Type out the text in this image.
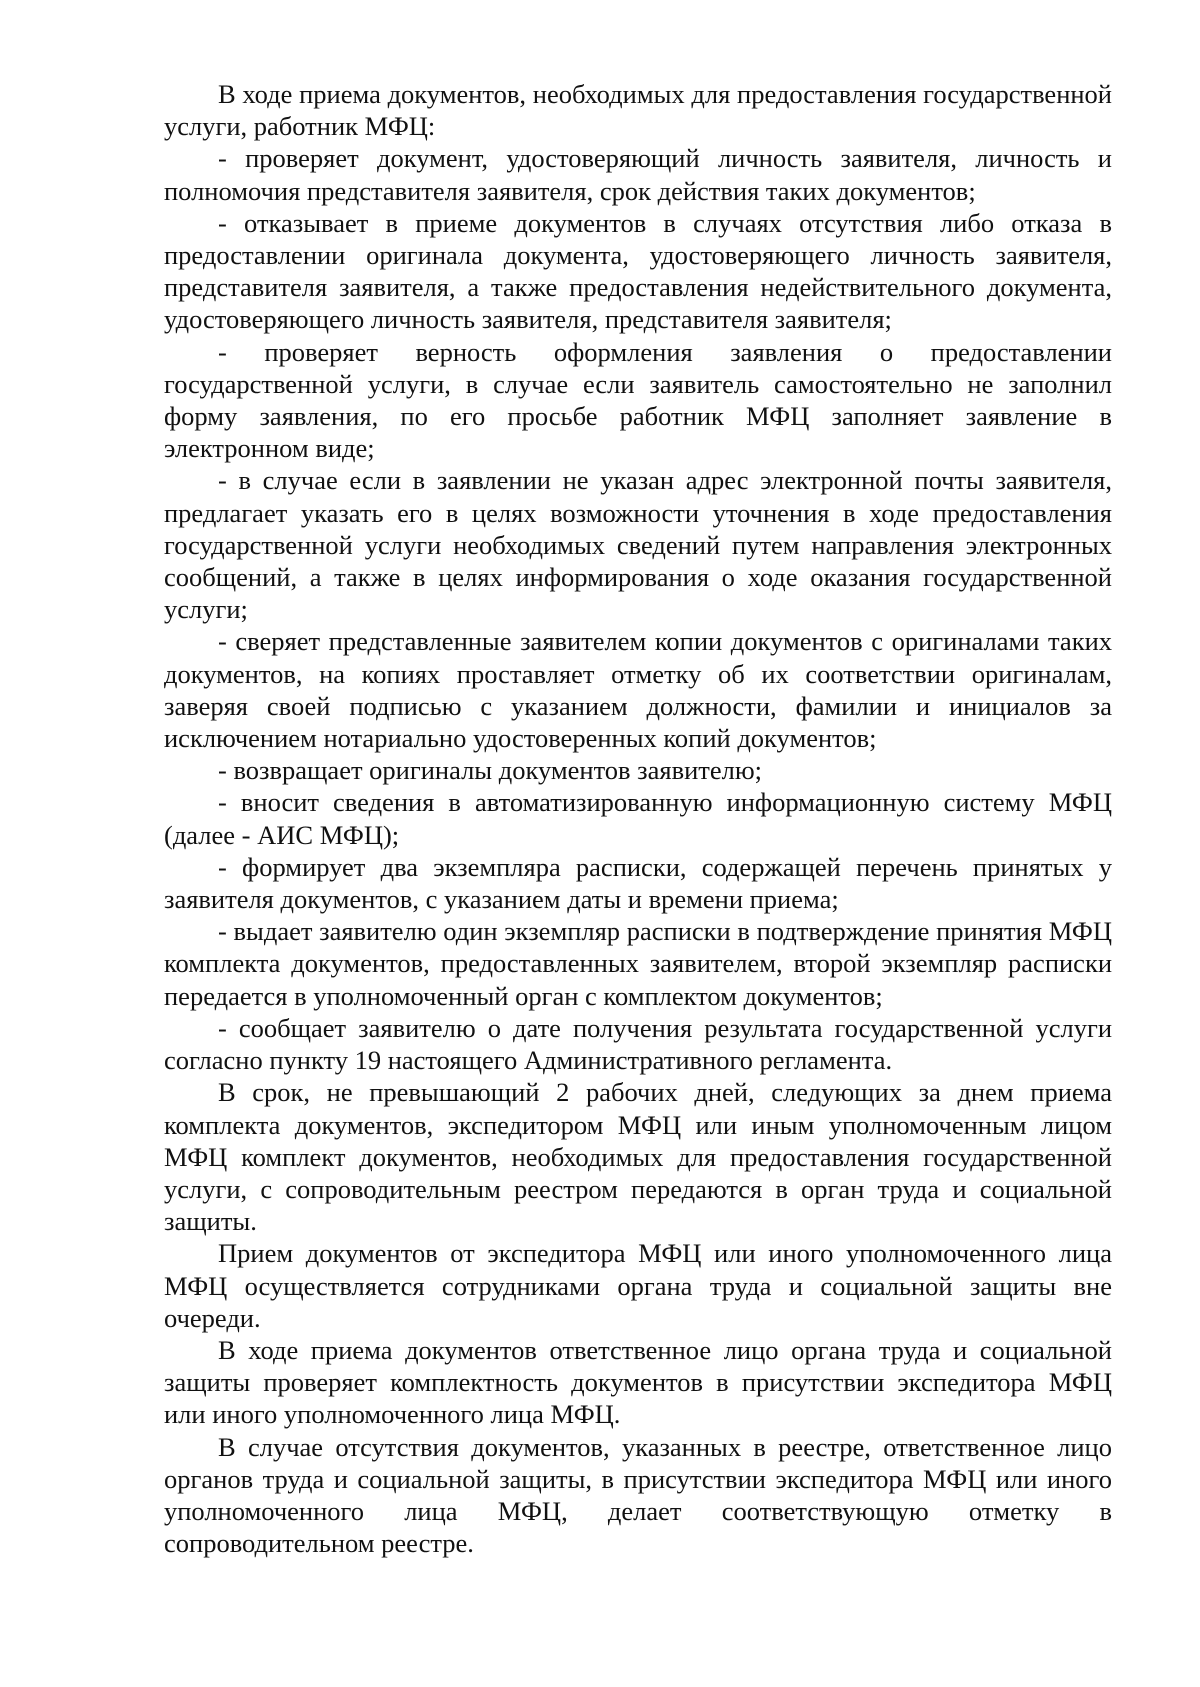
В ходе приема документов, необходимых для предоставления государственной услуги, работник МФЦ:

- проверяет документ, удостоверяющий личность заявителя, личность и полномочия представителя заявителя, срок действия таких документов;

- отказывает в приеме документов в случаях отсутствия либо отказа в предоставлении оригинала документа, удостоверяющего личность заявителя, представителя заявителя, а также предоставления недействительного документа, удостоверяющего личность заявителя, представителя заявителя;

- проверяет верность оформления заявления о предоставлении государственной услуги, в случае если заявитель самостоятельно не заполнил форму заявления, по его просьбе работник МФЦ заполняет заявление в электронном виде;

- в случае если в заявлении не указан адрес электронной почты заявителя, предлагает указать его в целях возможности уточнения в ходе предоставления государственной услуги необходимых сведений путем направления электронных сообщений, а также в целях информирования о ходе оказания государственной услуги;

- сверяет представленные заявителем копии документов с оригиналами таких документов, на копиях проставляет отметку об их соответствии оригиналам, заверяя своей подписью с указанием должности, фамилии и инициалов за исключением нотариально удостоверенных копий документов;

- возвращает оригиналы документов заявителю;

- вносит сведения в автоматизированную информационную систему МФЦ (далее - АИС МФЦ);

- формирует два экземпляра расписки, содержащей перечень принятых у заявителя документов, с указанием даты и времени приема;

- выдает заявителю один экземпляр расписки в подтверждение принятия МФЦ комплекта документов, предоставленных заявителем, второй экземпляр расписки передается в уполномоченный орган с комплектом документов;

- сообщает заявителю о дате получения результата государственной услуги согласно пункту 19 настоящего Административного регламента.

В срок, не превышающий 2 рабочих дней, следующих за днем приема комплекта документов, экспедитором МФЦ или иным уполномоченным лицом МФЦ комплект документов, необходимых для предоставления государственной услуги, с сопроводительным реестром передаются в орган труда и социальной защиты.

Прием документов от экспедитора МФЦ или иного уполномоченного лица МФЦ осуществляется сотрудниками органа труда и социальной защиты вне очереди.

В ходе приема документов ответственное лицо органа труда и социальной защиты проверяет комплектность документов в присутствии экспедитора МФЦ или иного уполномоченного лица МФЦ.

В случае отсутствия документов, указанных в реестре, ответственное лицо органов труда и социальной защиты, в присутствии экспедитора МФЦ или иного уполномоченного лица МФЦ, делает соответствующую отметку в сопроводительном реестре.
